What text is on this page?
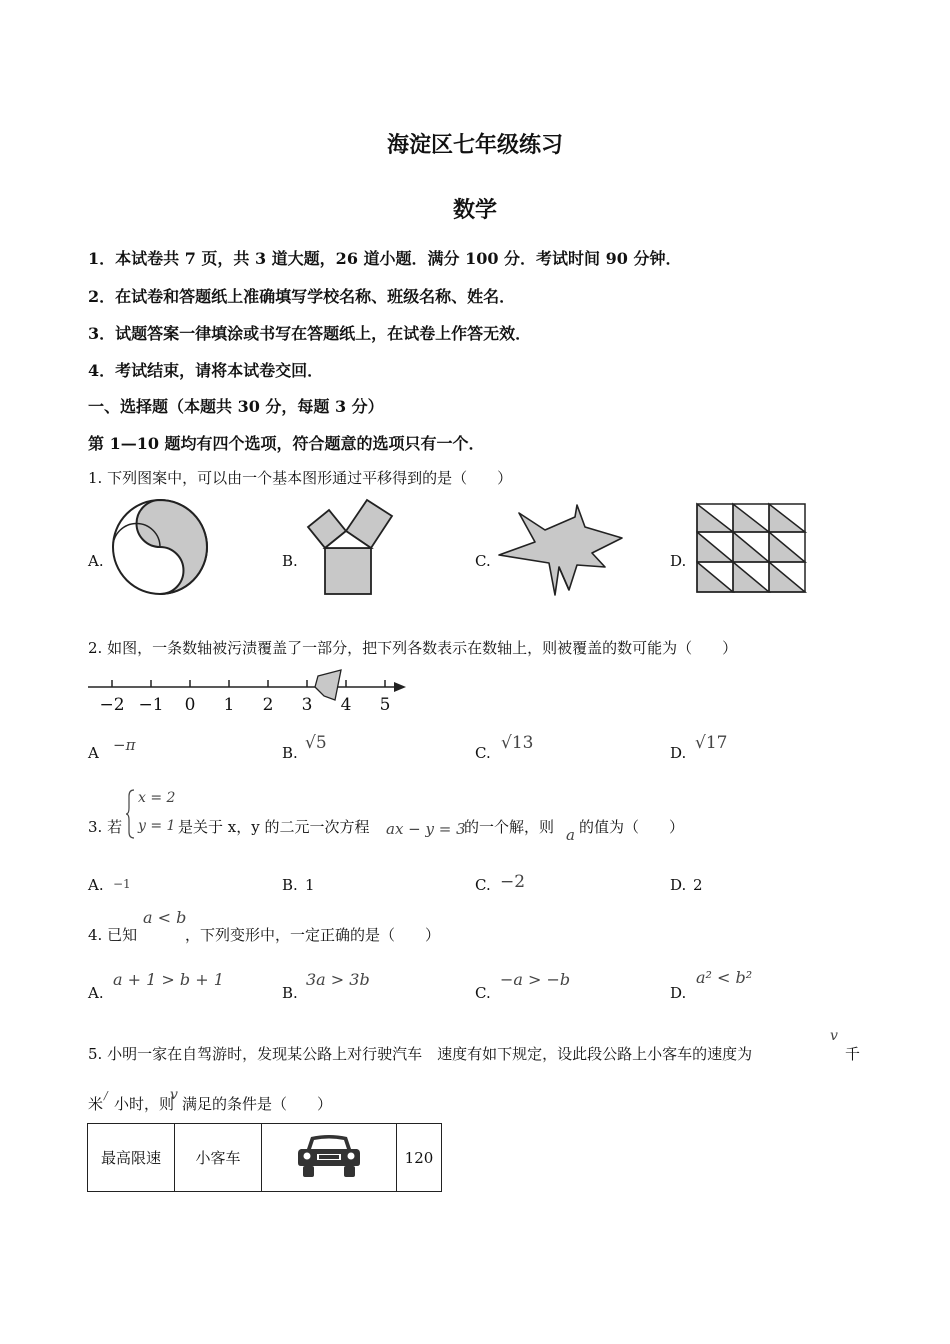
海淀区七年级练习
数学
1．本试卷共 7 页，共 3 道大题，26 道小题．满分 100 分．考试时间 90 分钟．
2．在试卷和答题纸上准确填写学校名称、班级名称、姓名．
3．试题答案一律填涂或书写在答题纸上，在试卷上作答无效．
4．考试结束，请将本试卷交回．
一、选择题（本题共 30 分，每题 3 分）
第 1—10 题均有四个选项，符合题意的选项只有一个．
1. 下列图案中，可以由一个基本图形通过平移得到的是（　　）
A.	B.	C.	D.
2. 如图，一条数轴被污渍覆盖了一部分，把下列各数表示在数轴上，则被覆盖的数可能为（　　）
−2 −1 0 1 2 3 4 5
A −π	B. √5	C. √13	D. √17
3. 若
x = 2
y = 1 是关于 x，y 的二元一次方程 ax − y = 3
的一个解，则 a 的值为（　　）
A. −1	B. 1	C. −2	D. 2
4. 已知
a < b
，下列变形中，一定正确的是（　　）
A.
a + 1 > b + 1
B.
3a > 3b
C.
−a > −b
D.
a² < b²
5. 小明一家在自驾游时，发现某公路上对行驶汽车　速度有如下规定，设此段公路上小客车的速度为
v
千
米 / 小时，则
v 满足的条件是（　　）
最高限速	小客车		120
